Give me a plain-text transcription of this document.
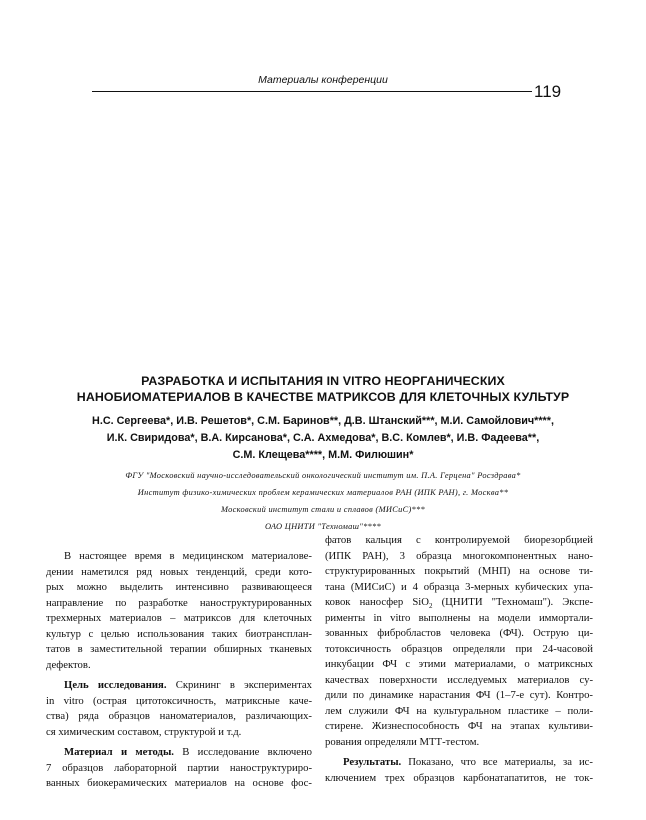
Материалы конференции
119
РАЗРАБОТКА И ИСПЫТАНИЯ IN VITRO НЕОРГАНИЧЕСКИХ
НАНОБИОМАТЕРИАЛОВ В КАЧЕСТВЕ МАТРИКСОВ ДЛЯ КЛЕТОЧНЫХ КУЛЬТУР
Н.С. Сергеева*, И.В. Решетов*, С.М. Баринов**, Д.В. Штанский***, М.И. Самойлович****,
И.К. Свиридова*, В.А. Кирсанова*, С.А. Ахмедова*, В.С. Комлев*, И.В. Фадеева**,
С.М. Клещева****, М.М. Филюшин*
ФГУ "Московский научно-исследовательский онкологический институт им. П.А. Герцена" Росздрава*
Институт физико-химических проблем керамических материалов РАН (ИПК РАН), г. Москва**
Московский институт стали и сплавов (МИСиС)***
ОАО ЦНИТИ "Техномаш"****

В настоящее время в медицинском материалове-
дении наметился ряд новых тенденций, среди кото-
рых можно выделить интенсивно развивающееся
направление по разработке наноструктурированных
трехмерных материалов – матриксов для клеточных
культур с целью использования таких биотрансплан-
татов в заместительной терапии обширных тканевых
дефектов.

Цель исследования. Скрининг в экспериментах
in vitro (острая цитотоксичность, матриксные каче-
ства) ряда образцов наноматериалов, различающих-
ся химическим составом, структурой и т.д.

Материал и методы. В исследование включено
7 образцов лабораторной партии наноструктуриро-
ванных биокерамических материалов на основе фос-

фатов кальция с контролируемой биорезорбцией
(ИПК РАН), 3 образца многокомпонентных нано-
структурированных покрытий (МНП) на основе ти-
тана (МИСиС) и 4 образца 3-мерных кубических упа-
ковок наносфер SiO$_2$ (ЦНИТИ "Техномаш"). Экспе-
рименты in vitro выполнены на модели иммортали-
зованных фибробластов человека (ФЧ). Острую ци-
тотоксичность образцов определяли при 24-часовой
инкубации ФЧ с этими материалами, о матриксных
качествах поверхности исследуемых материалов су-
дили по динамике нарастания ФЧ (1–7-е сут). Контро-
лем служили ФЧ на культуральном пластике – поли-
стирене. Жизнеспособность ФЧ на этапах культиви-
рования определяли МТТ-тестом.

Результаты. Показано, что все материалы, за ис-
ключением трех образцов карбонатапатитов, не ток-
